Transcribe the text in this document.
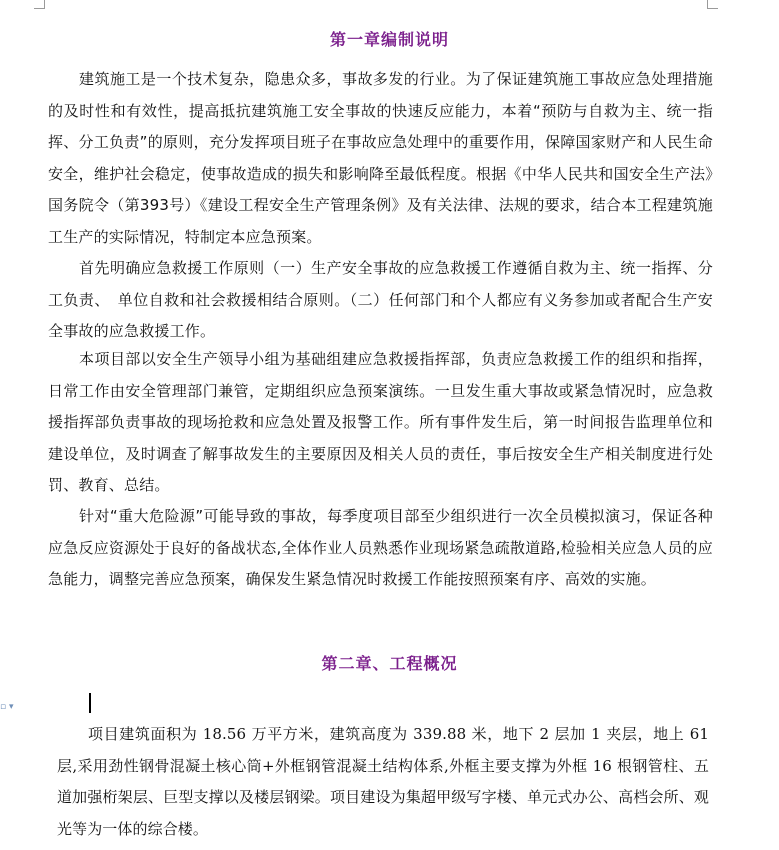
第一章编制说明
建筑施工是一个技术复杂，隐患众多，事故多发的行业。为了保证建筑施工事故应急处理措施的及时性和有效性，提高抵抗建筑施工安全事故的快速反应能力，本着“预防与自救为主、统一指挥、分工负责”的原则，充分发挥项目班子在事故应急处理中的重要作用，保障国家财产和人民生命安全，维护社会稳定，使事故造成的损失和影响降至最低程度。根据《中华人民共和国安全生产法》国务院令（第393号）《建设工程安全生产管理条例》及有关法律、法规的要求，结合本工程建筑施工生产的实际情况，特制定本应急预案。
首先明确应急救援工作原则（一）生产安全事故的应急救援工作遵循自救为主、统一指挥、分工负责、　单位自救和社会救援相结合原则。（二）任何部门和个人都应有义务参加或者配合生产安全事故的应急救援工作。
本项目部以安全生产领导小组为基础组建应急救援指挥部，负责应急救援工作的组织和指挥，日常工作由安全管理部门兼管，定期组织应急预案演练。一旦发生重大事故或紧急情况时，应急救援指挥部负责事故的现场抢救和应急处置及报警工作。所有事件发生后，第一时间报告监理单位和建设单位，及时调查了解事故发生的主要原因及相关人员的责任，事后按安全生产相关制度进行处罚、教育、总结。
针对“重大危险源”可能导致的事故，每季度项目部至少组织进行一次全员模拟演习，保证各种应急反应资源处于良好的备战状态,全体作业人员熟悉作业现场紧急疏散道路,检验相关应急人员的应急能力，调整完善应急预案，确保发生紧急情况时救援工作能按照预案有序、高效的实施。
第二章、工程概况
▫ ▾
项目建筑面积为 18.56 万平方米，建筑高度为 339.88 米，地下 2 层加 1 夹层，地上 61 层,采用劲性钢骨混凝土核心筒+外框钢管混凝土结构体系,外框主要支撑为外框 16 根钢管柱、五道加强桁架层、巨型支撑以及楼层钢梁。项目建设为集超甲级写字楼、单元式办公、高档会所、观光等为一体的综合楼。
